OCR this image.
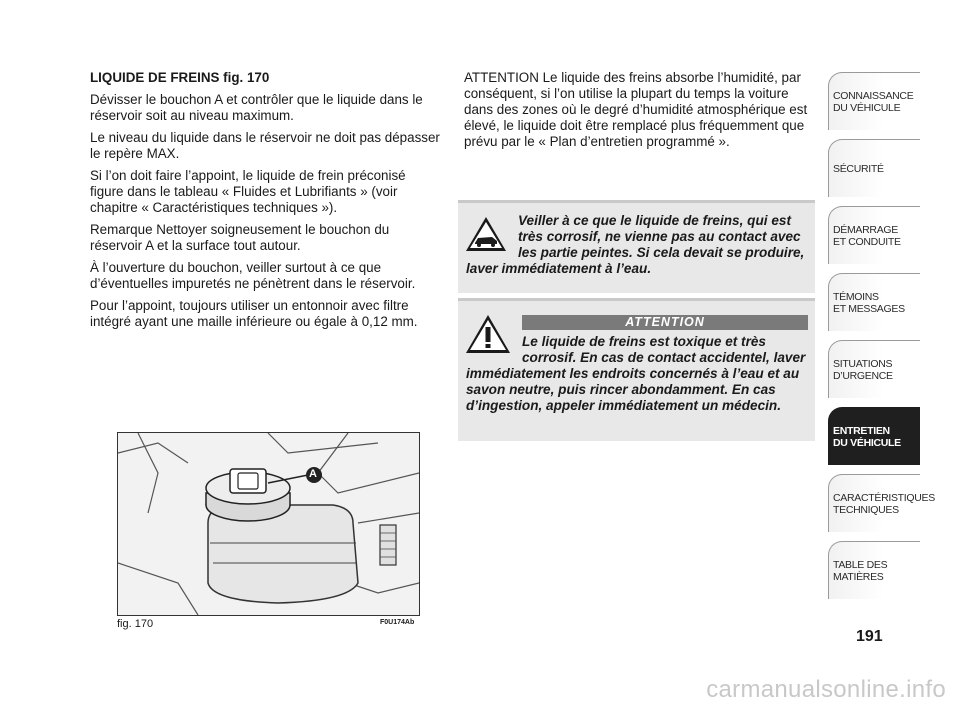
LIQUIDE DE FREINS fig. 170

Dévisser le bouchon A et contrôler que le liquide dans le réservoir soit au niveau maximum.

Le niveau du liquide dans le réservoir ne doit pas dépasser le repère MAX.

Si l’on doit faire l’appoint, le liquide de frein préconisé figure dans le tableau « Fluides et Lubrifiants » (voir chapitre « Caractéristiques techniques »).

Remarque Nettoyer soigneusement le bouchon du réservoir A et la surface tout autour.

À l’ouverture du bouchon, veiller surtout à ce que d’éventuelles impuretés ne pénètrent dans le réservoir.

Pour l’appoint, toujours utiliser un entonnoir avec filtre intégré ayant une maille inférieure ou égale à 0,12 mm.

ATTENTION Le liquide des freins absorbe l’humidité, par conséquent, si l’on utilise la plupart du temps la voiture dans des zones où le degré d’humidité atmosphérique est élevé, le liquide doit être remplacé plus fréquemment que prévu par le « Plan d’entretien programmé ».

Veiller à ce que le liquide de freins, qui est très corrosif, ne vienne pas au contact avec les partie peintes. Si cela devait se produire, laver immédiatement à l’eau.
ATTENTION
Le liquide de freins est toxique et très corrosif. En cas de contact accidentel, laver immédiatement les endroits concernés à l’eau et au savon neutre, puis rincer abondamment. En cas d’ingestion, appeler immédiatement un médecin.
A
fig. 170	F0U174Ab
CONNAISSANCE
DU VÉHICULE
SÉCURITÉ
DÉMARRAGE
ET CONDUITE
TÉMOINS
ET MESSAGES
SITUATIONS
D’URGENCE
ENTRETIEN
DU VÉHICULE
CARACTÉRISTIQUES
TECHNIQUES
TABLE DES
MATIÈRES
191
carmanualsonline.info
